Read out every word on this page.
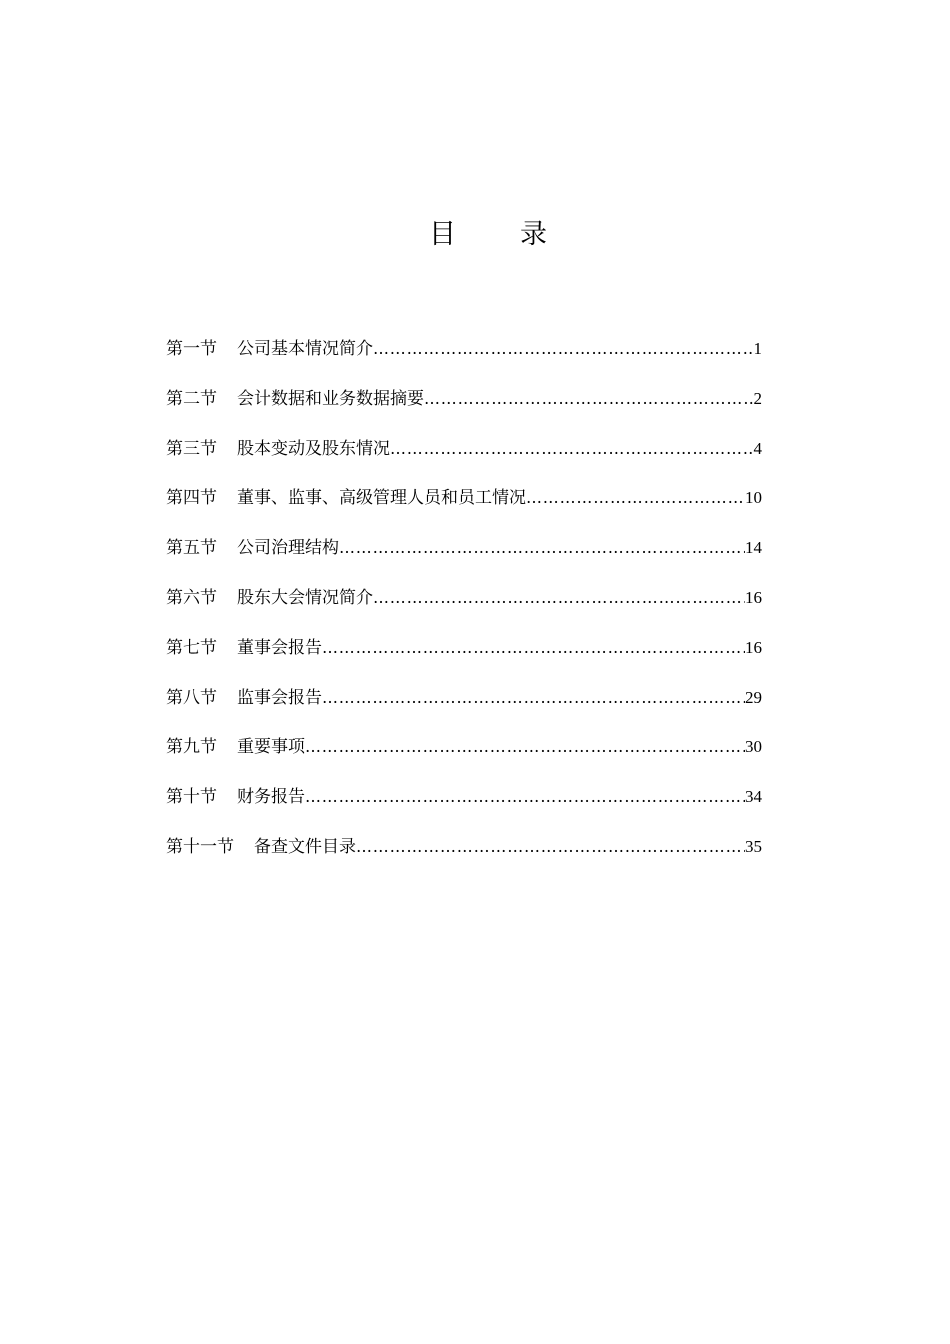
目 录
第一节 公司基本情况简介 …………………………………………………………………………………………………………………………………………	1
第二节 会计数据和业务数据摘要 …………………………………………………………………………………………………………………………………………	2
第三节 股本变动及股东情况 …………………………………………………………………………………………………………………………………………	4
第四节 董事、监事、高级管理人员和员工情况 …………………………………………………………………………………………………………………………………………	10
第五节 公司治理结构 …………………………………………………………………………………………………………………………………………	14
第六节 股东大会情况简介 …………………………………………………………………………………………………………………………………………	16
第七节 董事会报告 …………………………………………………………………………………………………………………………………………	16
第八节 监事会报告 …………………………………………………………………………………………………………………………………………	29
第九节 重要事项 …………………………………………………………………………………………………………………………………………	30
第十节 财务报告 …………………………………………………………………………………………………………………………………………	34
第十一节 备查文件目录 …………………………………………………………………………………………………………………………………………	35
